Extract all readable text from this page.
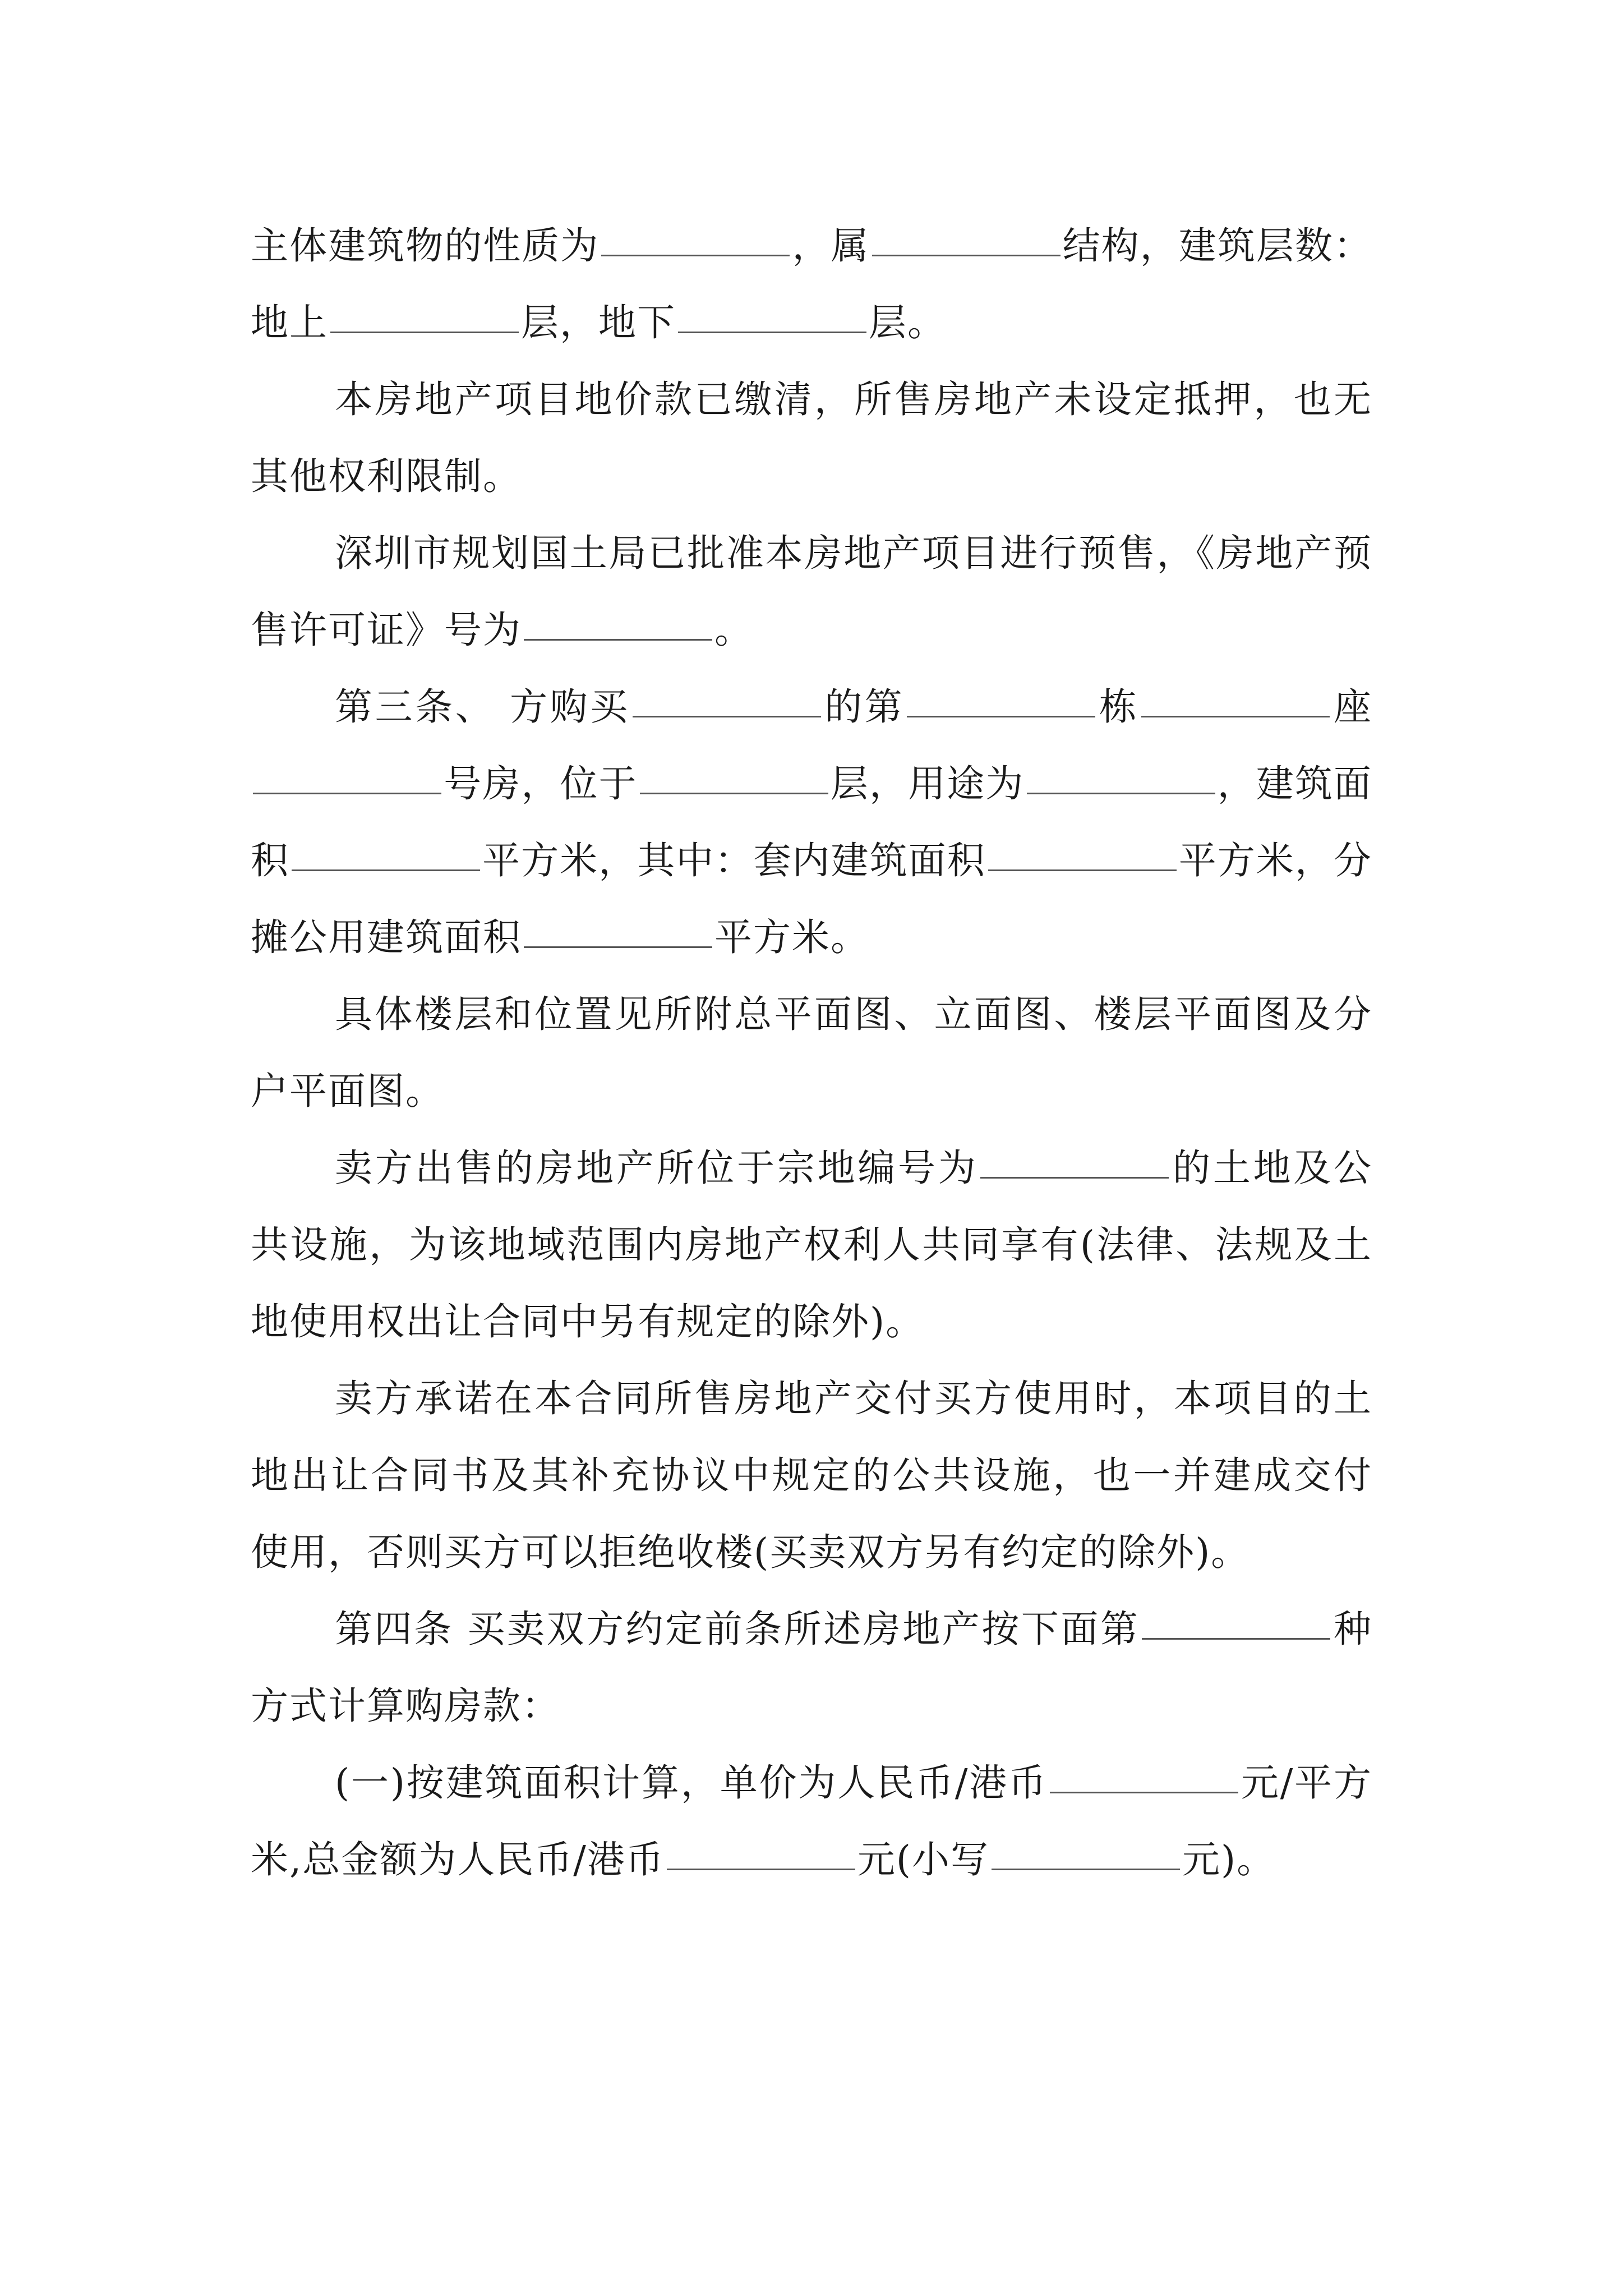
主体建筑物的性质为	，属	结构，建筑层数：地上	层，地下	层。

本房地产项目地价款已缴清，所售房地产未设定抵押，也无其他权利限制。

深圳市规划国土局已批准本房地产项目进行预售，《房地产预售许可证》号为	。

第三条、 方购买	的第	栋	座号房，位于	层，用途为	，建筑面积	平方米，其中：套内建筑面积	平方米，分摊公用建筑面积	平方米。

具体楼层和位置见所附总平面图、立面图、楼层平面图及分户平面图。

卖方出售的房地产所位于宗地编号为	的土地及公共设施，为该地域范围内房地产权利人共同享有(法律、法规及土地使用权出让合同中另有规定的除外)。

卖方承诺在本合同所售房地产交付买方使用时，本项目的土地出让合同书及其补充协议中规定的公共设施，也一并建成交付使用，否则买方可以拒绝收楼(买卖双方另有约定的除外)。

第四条 买卖双方约定前条所述房地产按下面第	种方式计算购房款：

(一)按建筑面积计算，单价为人民币/港币	元/平方米,总金额为人民币/港币	元(小写	元)。
